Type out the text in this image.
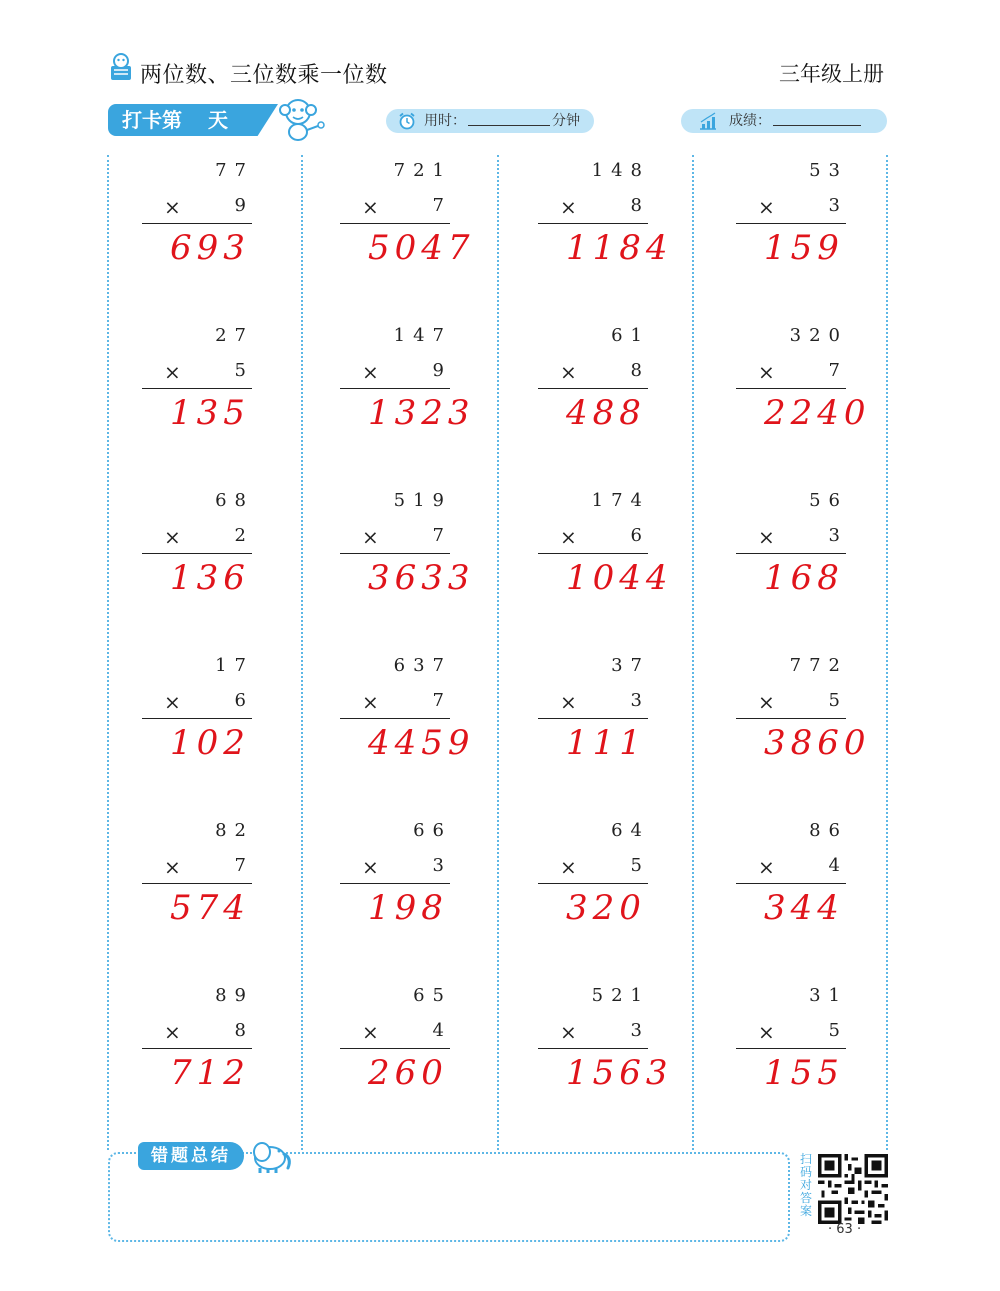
两位数、三位数乘一位数	三年级上册
打卡第 天	用时：	分钟	成绩：
77
×	9
693
27
×	5
135
68
×	2
136
17
×	6
102
82
×	7
574
89
×	8
712
721
×	7
5047
147
×	9
1323
519
×	7
3633
637
×	7
4459
66
×	3
198
65
×	4
260
148
×	8
1184
61
×	8
488
174
×	6
1044
37
×	3
111
64
×	5
320
521
×	3
1563
53
×	3
159
320
×	7
2240
56
×	3
168
772
×	5
3860
86
×	4
344
31
×	5
155
错题总结	扫码对答案
· 63 ·
